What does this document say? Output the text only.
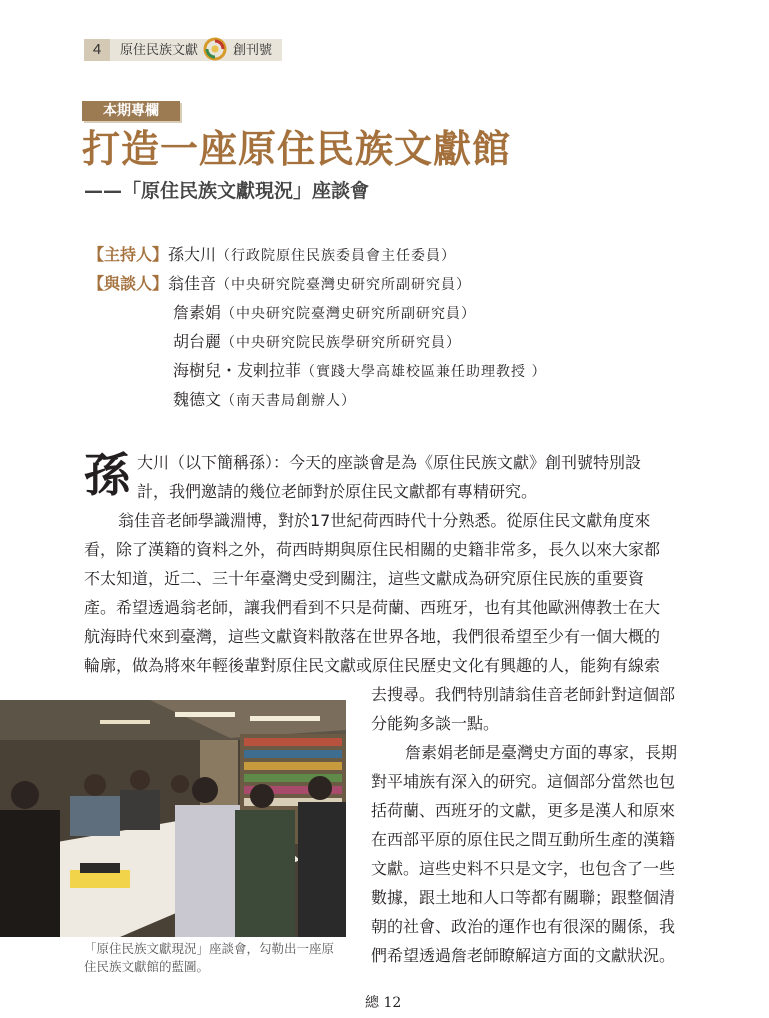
4	原住民族文獻	創刊號
本期專欄
打造一座原住民族文獻館
——「原住民族文獻現況」座談會
【主持人】孫大川（行政院原住民族委員會主任委員）
【與談人】翁佳音（中央研究院臺灣史研究所副研究員）
詹素娟（中央研究院臺灣史研究所副研究員）
胡台麗（中央研究院民族學研究所研究員）
海樹兒・犮剌拉菲（實踐大學高雄校區兼任助理教授 ）
魏德文（南天書局創辦人）
孫 大川（以下簡稱孫）：今天的座談會是為《原住民族文獻》創刊號特別設
計，我們邀請的幾位老師對於原住民文獻都有專精研究。
翁佳音老師學識淵博，對於17世紀荷西時代十分熟悉。從原住民文獻角度來
看，除了漢籍的資料之外，荷西時期與原住民相關的史籍非常多，長久以來大家都
不太知道，近二、三十年臺灣史受到關注，這些文獻成為研究原住民族的重要資
產。希望透過翁老師，讓我們看到不只是荷蘭、西班牙，也有其他歐洲傳教士在大
航海時代來到臺灣，這些文獻資料散落在世界各地，我們很希望至少有一個大概的
輪廓，做為將來年輕後輩對原住民文獻或原住民歷史文化有興趣的人，能夠有線索
去搜尋。我們特別請翁佳音老師針對這個部
分能夠多談一點。
詹素娟老師是臺灣史方面的專家，長期
對平埔族有深入的研究。這個部分當然也包
括荷蘭、西班牙的文獻，更多是漢人和原來
在西部平原的原住民之間互動所生產的漢籍
文獻。這些史料不只是文字，也包含了一些
數據，跟土地和人口等都有關聯；跟整個清
朝的社會、政治的運作也有很深的關係，我
們希望透過詹老師瞭解這方面的文獻狀況。
「原住民族文獻現況」座談會，勾勒出一座原住民族文獻館的藍圖。
總 12
